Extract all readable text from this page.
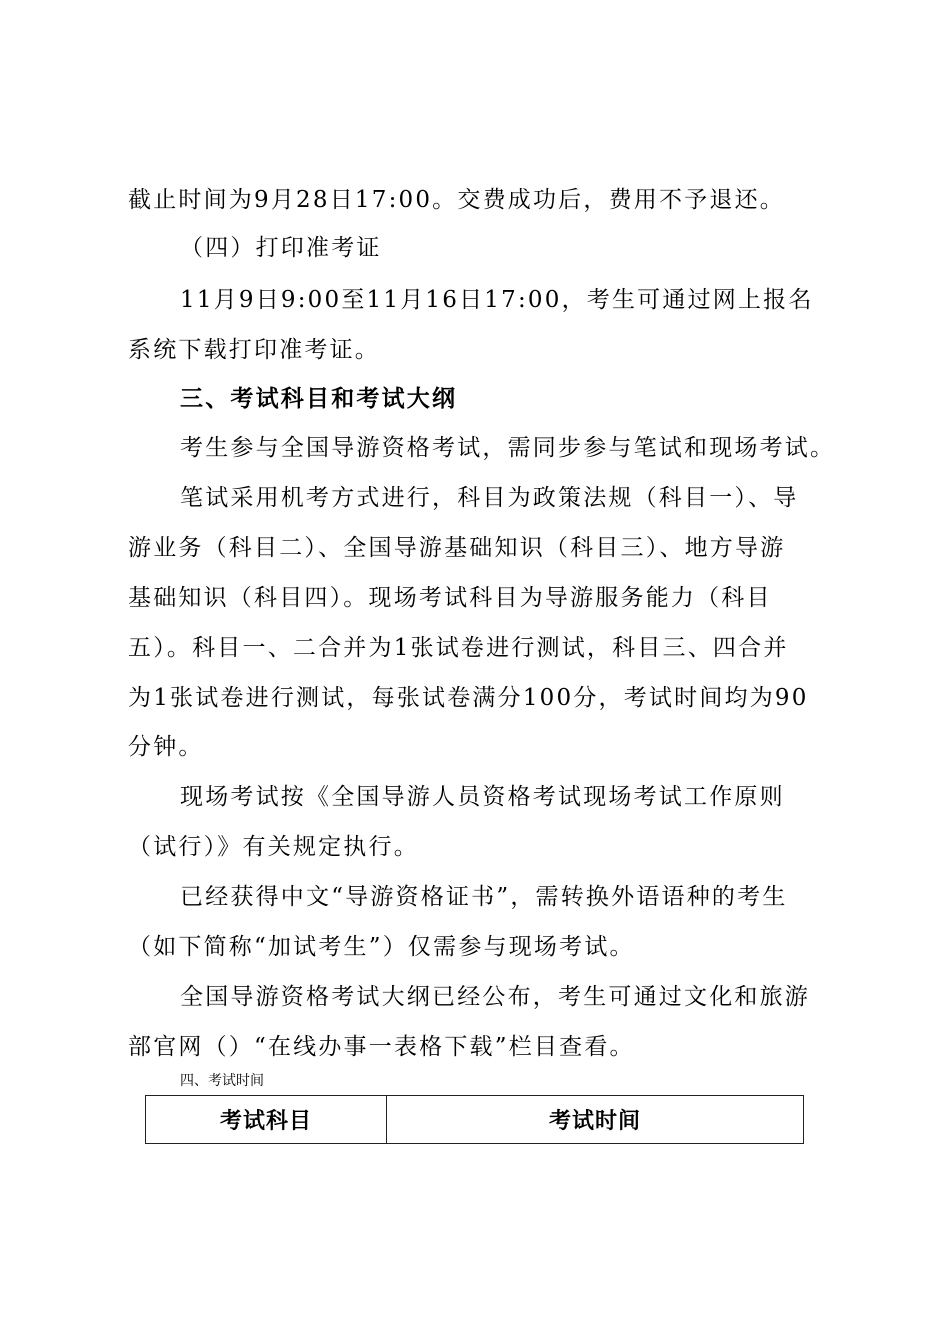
截止时间为9月28日17:00。交费成功后，费用不予退还。
（四）打印准考证
11月9日9:00至11月16日17:00，考生可通过网上报名
系统下载打印准考证。
三、考试科目和考试大纲
考生参与全国导游资格考试，需同步参与笔试和现场考试。
笔试采用机考方式进行，科目为政策法规（科目一）、导
游业务（科目二）、全国导游基础知识（科目三）、地方导游
基础知识（科目四）。现场考试科目为导游服务能力（科目
五）。科目一、二合并为1张试卷进行测试，科目三、四合并
为1张试卷进行测试，每张试卷满分100分，考试时间均为90
分钟。
现场考试按《全国导游人员资格考试现场考试工作原则
（试行）》有关规定执行。
已经获得中文“导游资格证书”，需转换外语语种的考生
（如下简称“加试考生”）仅需参与现场考试。
全国导游资格考试大纲已经公布，考生可通过文化和旅游
部官网（）“在线办事一表格下载”栏目查看。
四、考试时间
考试科目	考试时间
